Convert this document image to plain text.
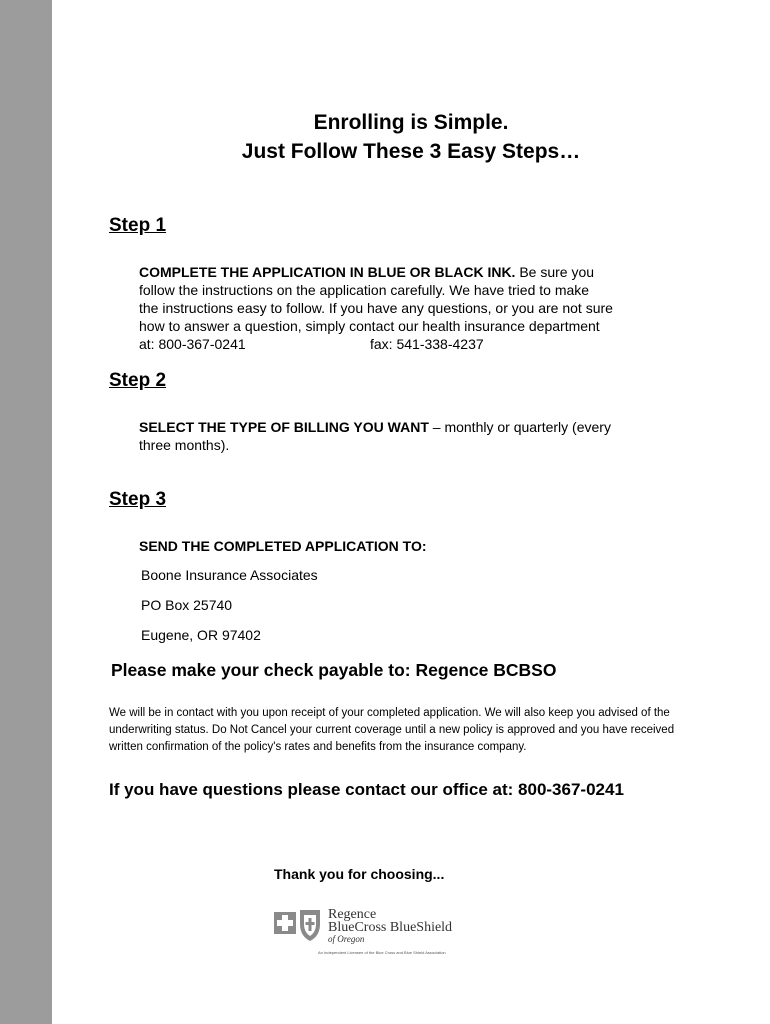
Enrolling is Simple.
Just Follow These 3 Easy Steps…
Step 1
COMPLETE THE APPLICATION IN BLUE OR BLACK INK. Be sure you
follow the instructions on the application carefully. We have tried to make
the instructions easy to follow. If you have any questions, or you are not sure
how to answer a question, simply contact our health insurance department
at: 800-367-0241	fax: 541-338-4237
Step 2
SELECT THE TYPE OF BILLING YOU WANT – monthly or quarterly (every
three months).
Step 3
SEND THE COMPLETED APPLICATION TO:
Boone Insurance Associates
PO Box 25740
Eugene, OR 97402
Please make your check payable to: Regence BCBSO
We will be in contact with you upon receipt of your completed application. We will also keep you advised of the underwriting status. Do Not Cancel your current coverage until a new policy is approved and you have received written confirmation of the policy's rates and benefits from the insurance company.
If you have questions please contact our office at: 800-367-0241
Thank you for choosing...
Regence
BlueCross BlueShield
of Oregon
An Independent Licensee of the Blue Cross and Blue Shield Association
